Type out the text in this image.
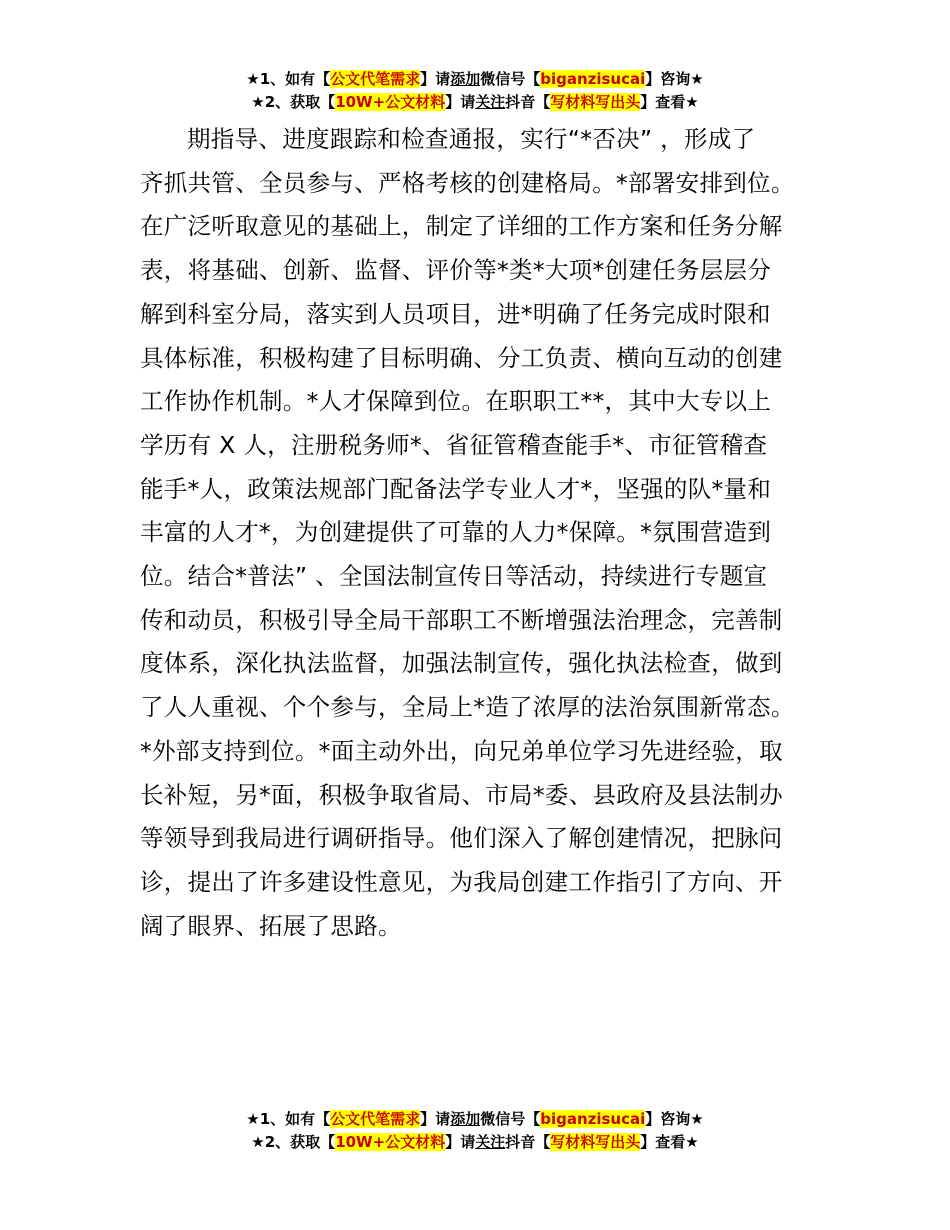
★1、如有【公文代笔需求】请添加微信号【biganzisucai】咨询★
★2、获取【10W+公文材料】请关注抖音【写材料写出头】查看★
期指导、进度跟踪和检查通报，实行“*否决” ，形成了
齐抓共管、全员参与、严格考核的创建格局。*部署安排到位。
在广泛听取意见的基础上，制定了详细的工作方案和任务分解
表，将基础、创新、监督、评价等*类*大项*创建任务层层分
解到科室分局，落实到人员项目，进*明确了任务完成时限和
具体标准，积极构建了目标明确、分工负责、横向互动的创建
工作协作机制。*人才保障到位。在职职工**，其中大专以上
学历有 X 人，注册税务师*、省征管稽查能手*、市征管稽查
能手*人，政策法规部门配备法学专业人才*，坚强的队*量和
丰富的人才*，为创建提供了可靠的人力*保障。*氛围营造到
位。结合*普法” 、全国法制宣传日等活动，持续进行专题宣
传和动员，积极引导全局干部职工不断增强法治理念，完善制
度体系，深化执法监督，加强法制宣传，强化执法检查，做到
了人人重视、个个参与，全局上*造了浓厚的法治氛围新常态。
*外部支持到位。*面主动外出，向兄弟单位学习先进经验，取
长补短，另*面，积极争取省局、市局*委、县政府及县法制办
等领导到我局进行调研指导。他们深入了解创建情况，把脉问
诊，提出了许多建设性意见，为我局创建工作指引了方向、开
阔了眼界、拓展了思路。
★1、如有【公文代笔需求】请添加微信号【biganzisucai】咨询★
★2、获取【10W+公文材料】请关注抖音【写材料写出头】查看★
